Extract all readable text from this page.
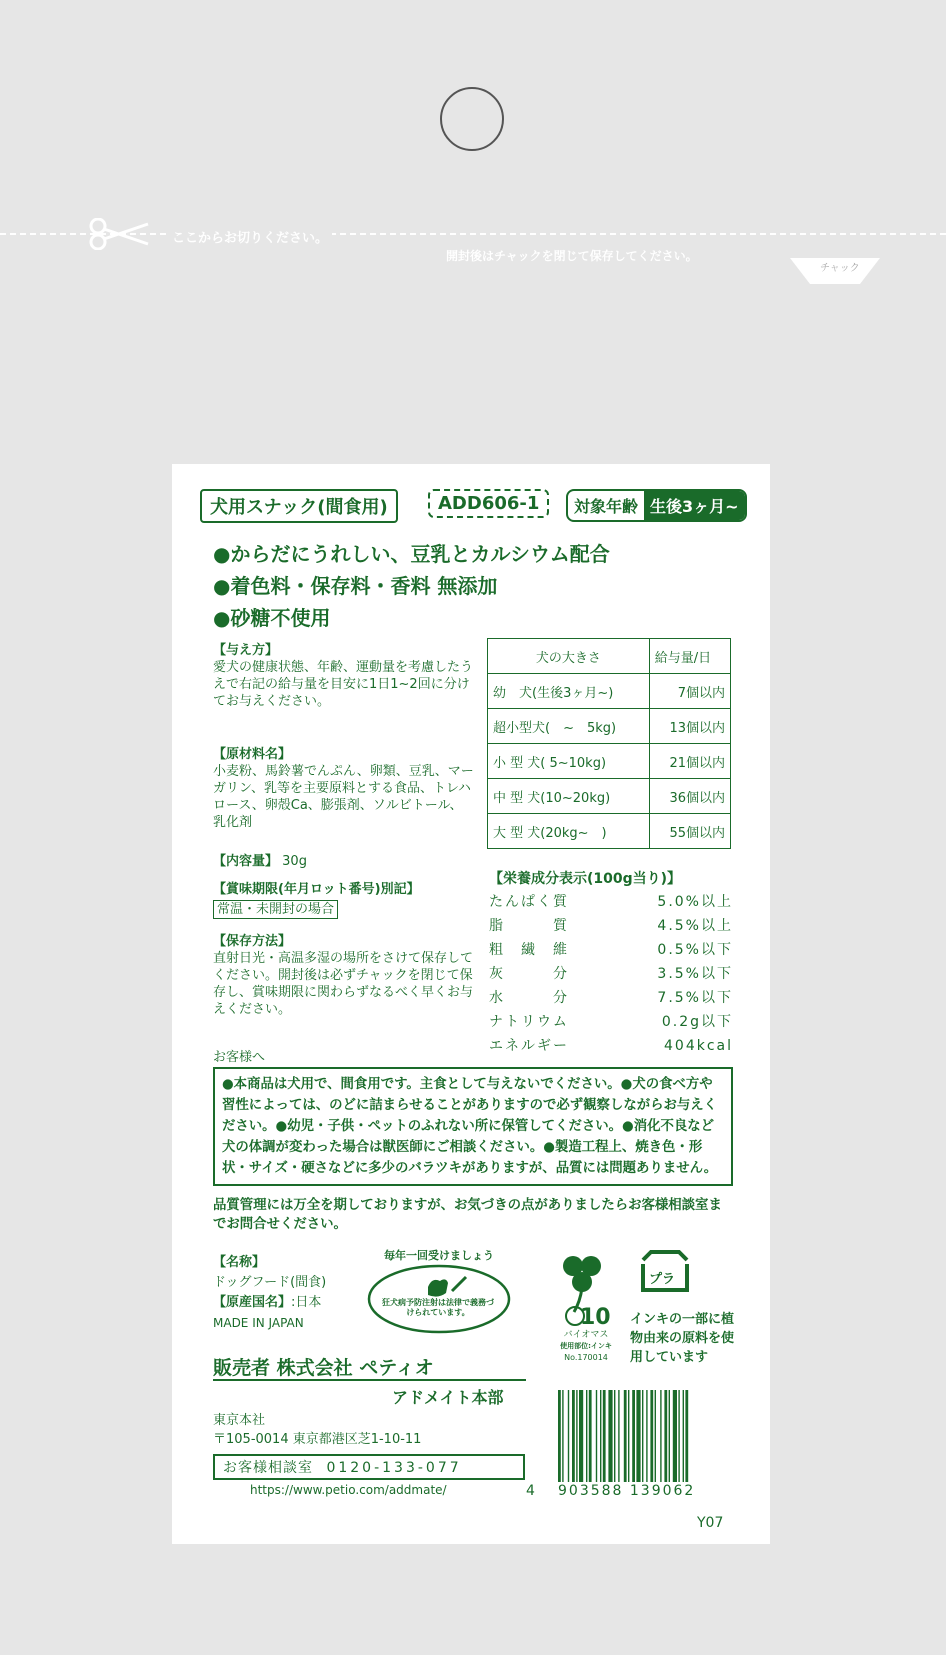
ここからお切りください。
開封後はチャックを閉じて保存してください。
チャック
犬用スナック(間食用)	ADD606-1	対象年齢 生後3ヶ月~
●からだにうれしい、豆乳とカルシウム配合
●着色料・保存料・香料 無添加
●砂糖不使用
【与え方】
愛犬の健康状態、年齢、運動量を考慮したうえで右記の給与量を目安に1日1~2回に分けてお与えください。
【原材料名】
小麦粉、馬鈴薯でんぷん、卵類、豆乳、マーガリン、乳等を主要原料とする食品、トレハロース、卵殻Ca、膨張剤、ソルビトール、乳化剤
【内容量】 30g
【賞味期限(年月ロット番号)別記】
常温・未開封の場合
【保存方法】
直射日光・高温多湿の場所をさけて保存してください。開封後は必ずチャックを閉じて保存し、賞味期限に関わらずなるべく早くお与えください。
犬の大きさ	給与量/日
幼　犬(生後3ヶ月~)	7個以内
超小型犬(　~　5kg)	13個以内
小 型 犬( 5~10kg)	21個以内
中 型 犬(10~20kg)	36個以内
大 型 犬(20kg~　)	55個以内
【栄養成分表示(100g当り)】
たんぱく質	5.0%以上
脂　　　質	4.5%以上
粗　繊　維	0.5%以下
灰　　　分	3.5%以下
水　　　分	7.5%以下
ナトリウム	0.2g以下
エネルギー	404kcal
お客様へ
●本商品は犬用で、間食用です。主食として与えないでください。●犬の食べ方や習性によっては、のどに詰まらせることがありますので必ず観察しながらお与えください。●幼児・子供・ペットのふれない所に保管してください。●消化不良など犬の体調が変わった場合は獣医師にご相談ください。●製造工程上、焼き色・形状・サイズ・硬さなどに多少のバラツキがありますが、品質には問題ありません。
品質管理には万全を期しておりますが、お気づきの点がありましたらお客様相談室までお問合せください。
【名称】
ドッグフード(間食)
【原産国名】:日本
MADE IN JAPAN
毎年一回受けましょう
狂犬病予防注射は法律で義務づけられています。	10
バイオマス
使用部位:インキ
No.170014
プラ
インキの一部に植物由来の原料を使用しています
販売者 株式会社 ペティオ
アドメイト本部
東京本社
〒105-0014 東京都港区芝1-10-11
お客様相談室 0120-133-077
https://www.petio.com/addmate/	4 903588 139062
Y07
